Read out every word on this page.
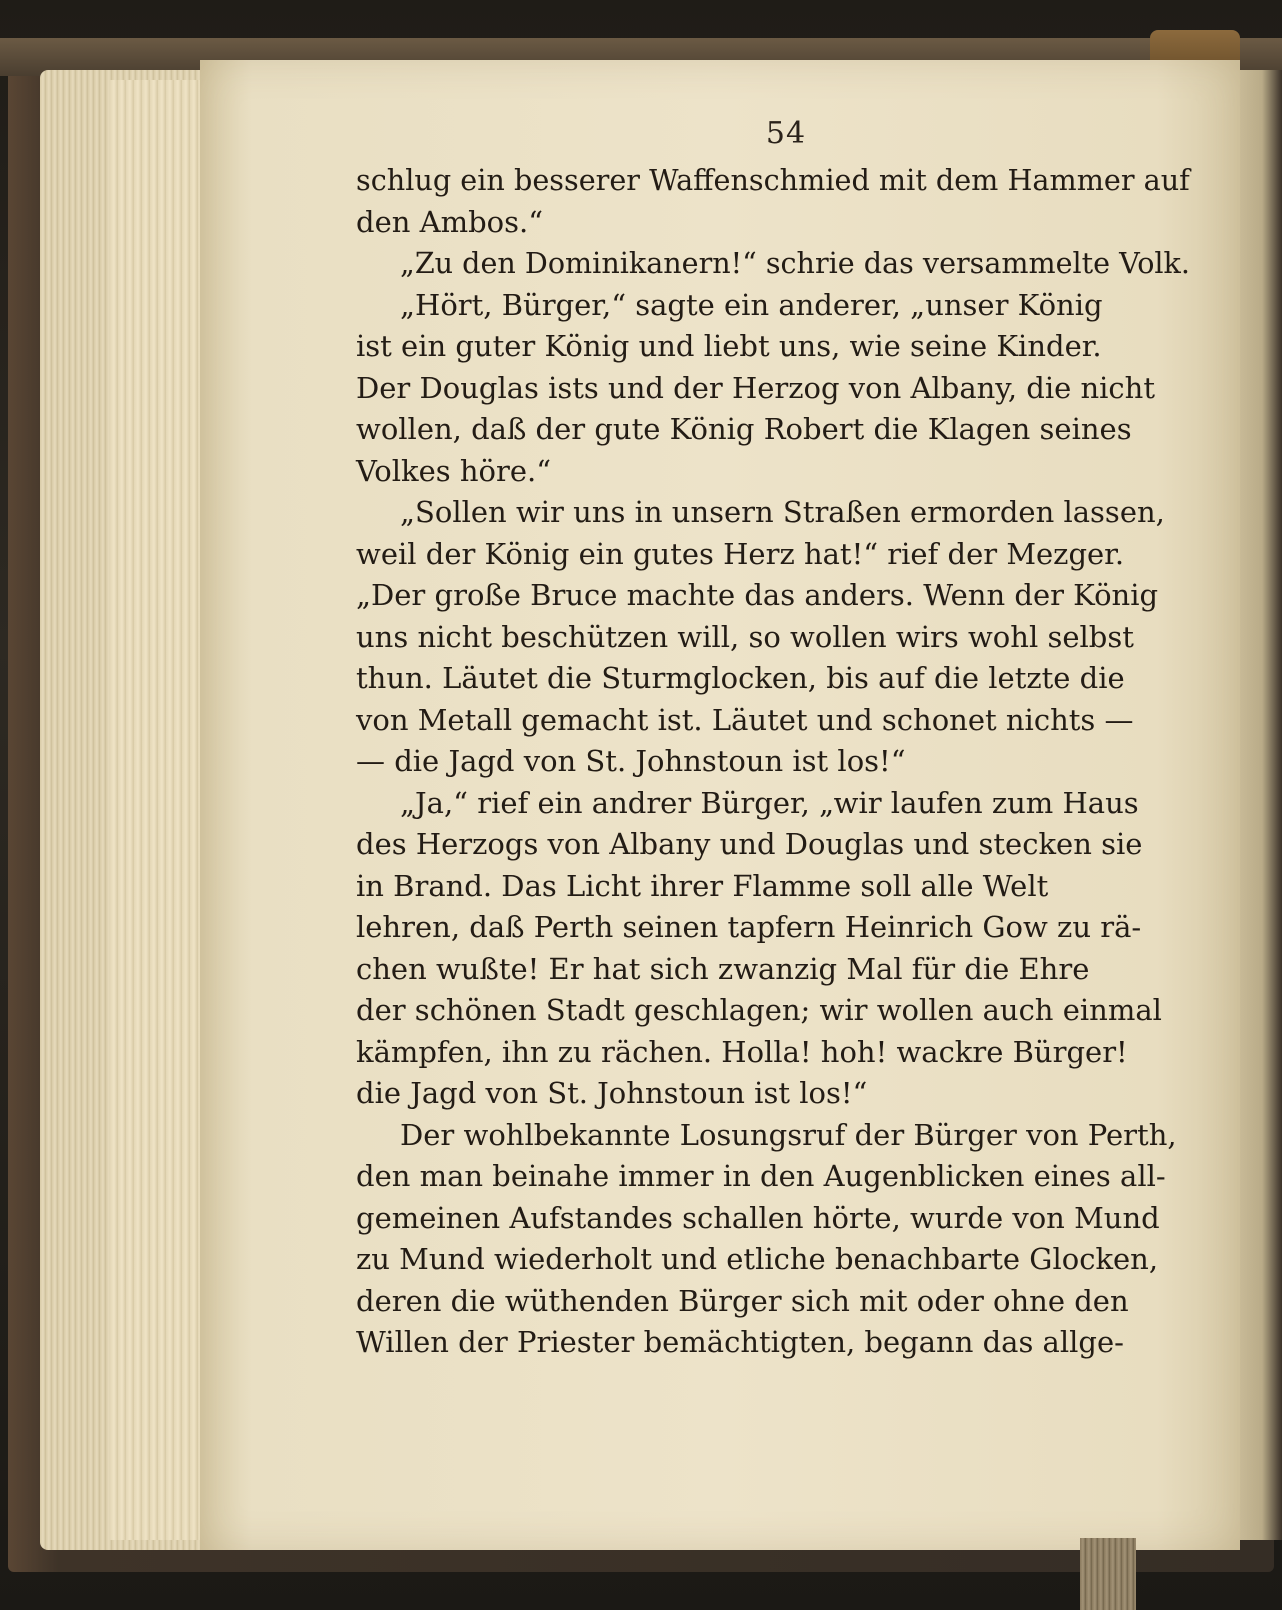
54
schlug ein besserer Waffenschmied mit dem Hammer auf
den Ambos.“
„Zu den Dominikanern!“ schrie das versammelte Volk.
„Hört, Bürger,“ sagte ein anderer, „unser König
ist ein guter König und liebt uns, wie seine Kinder.
Der Douglas ists und der Herzog von Albany, die nicht
wollen, daß der gute König Robert die Klagen seines
Volkes höre.“
„Sollen wir uns in unsern Straßen ermorden lassen,
weil der König ein gutes Herz hat!“ rief der Mezger.
„Der große Bruce machte das anders. Wenn der König
uns nicht beschützen will, so wollen wirs wohl selbst
thun. Läutet die Sturmglocken, bis auf die letzte die
von Metall gemacht ist. Läutet und schonet nichts —
— die Jagd von St. Johnstoun ist los!“
„Ja,“ rief ein andrer Bürger, „wir laufen zum Haus
des Herzogs von Albany und Douglas und stecken sie
in Brand. Das Licht ihrer Flamme soll alle Welt
lehren, daß Perth seinen tapfern Heinrich Gow zu rä-
chen wußte! Er hat sich zwanzig Mal für die Ehre
der schönen Stadt geschlagen; wir wollen auch einmal
kämpfen, ihn zu rächen. Holla! hoh! wackre Bürger!
die Jagd von St. Johnstoun ist los!“
Der wohlbekannte Losungsruf der Bürger von Perth,
den man beinahe immer in den Augenblicken eines all-
gemeinen Aufstandes schallen hörte, wurde von Mund
zu Mund wiederholt und etliche benachbarte Glocken,
deren die wüthenden Bürger sich mit oder ohne den
Willen der Priester bemächtigten, begann das allge-
